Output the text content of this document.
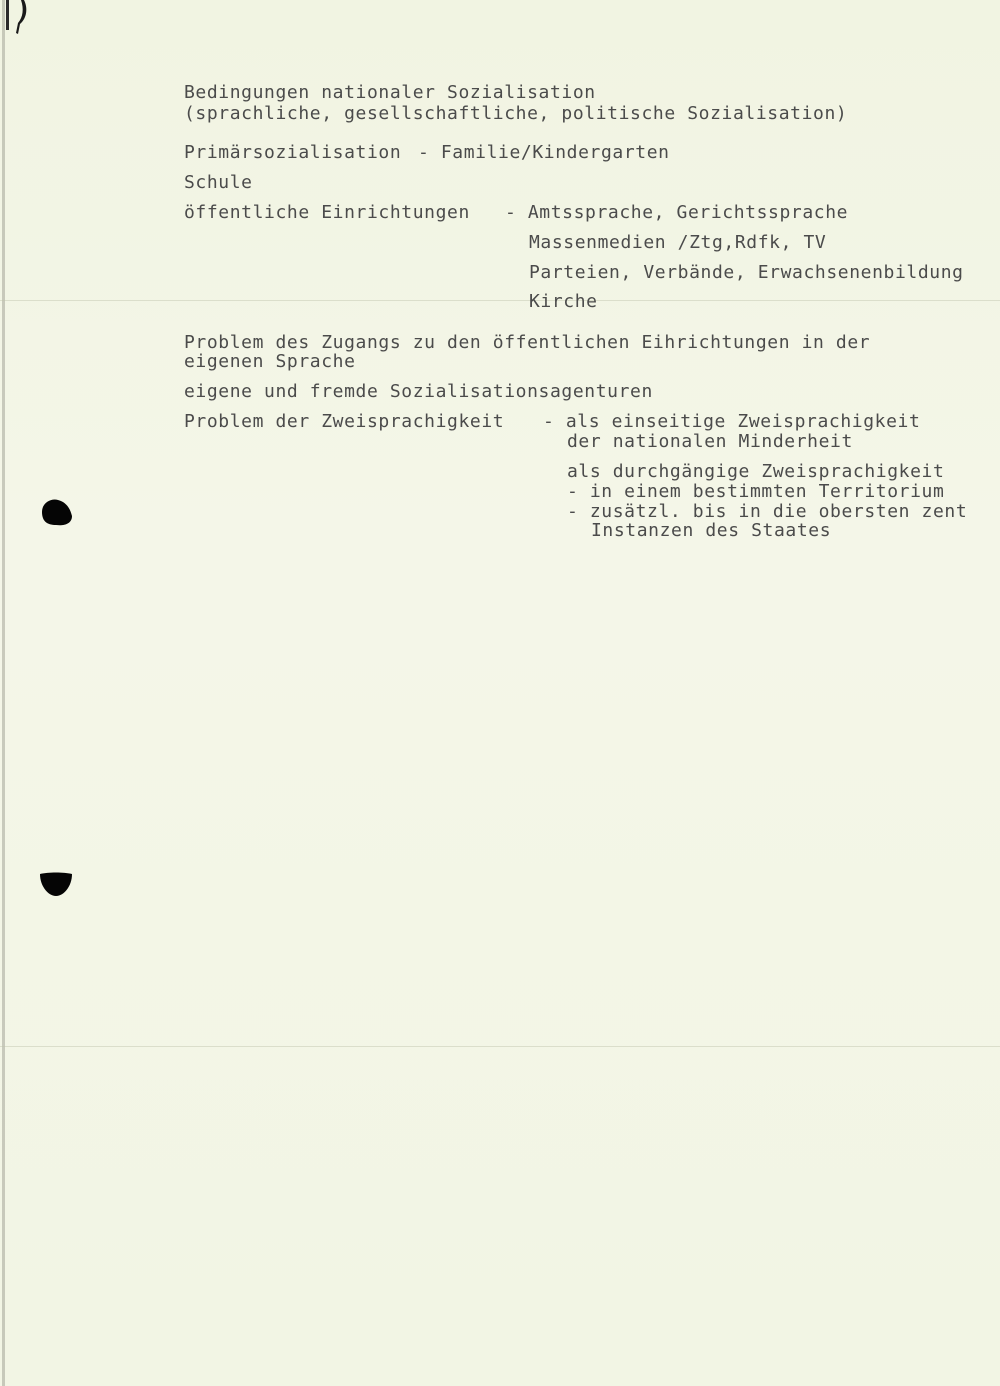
Bedingungen nationaler Sozialisation

(sprachliche, gesellschaftliche, politische Sozialisation)

Primärsozialisation - Familie/Kindergarten

Schule

öffentliche Einrichtungen - Amtssprache, Gerichtssprache

Massenmedien /Ztg,Rdfk, TV

Parteien, Verbände, Erwachsenenbildung

Kirche

Problem des Zugangs zu den öffentlichen Eihrichtungen in der

eigenen Sprache

eigene und fremde Sozialisationsagenturen

Problem der Zweisprachigkeit - als einseitige Zweisprachigkeit

der nationalen Minderheit

als durchgängige Zweisprachigkeit

- in einem bestimmten Territorium

- zusätzl. bis in die obersten zent

Instanzen des Staates
